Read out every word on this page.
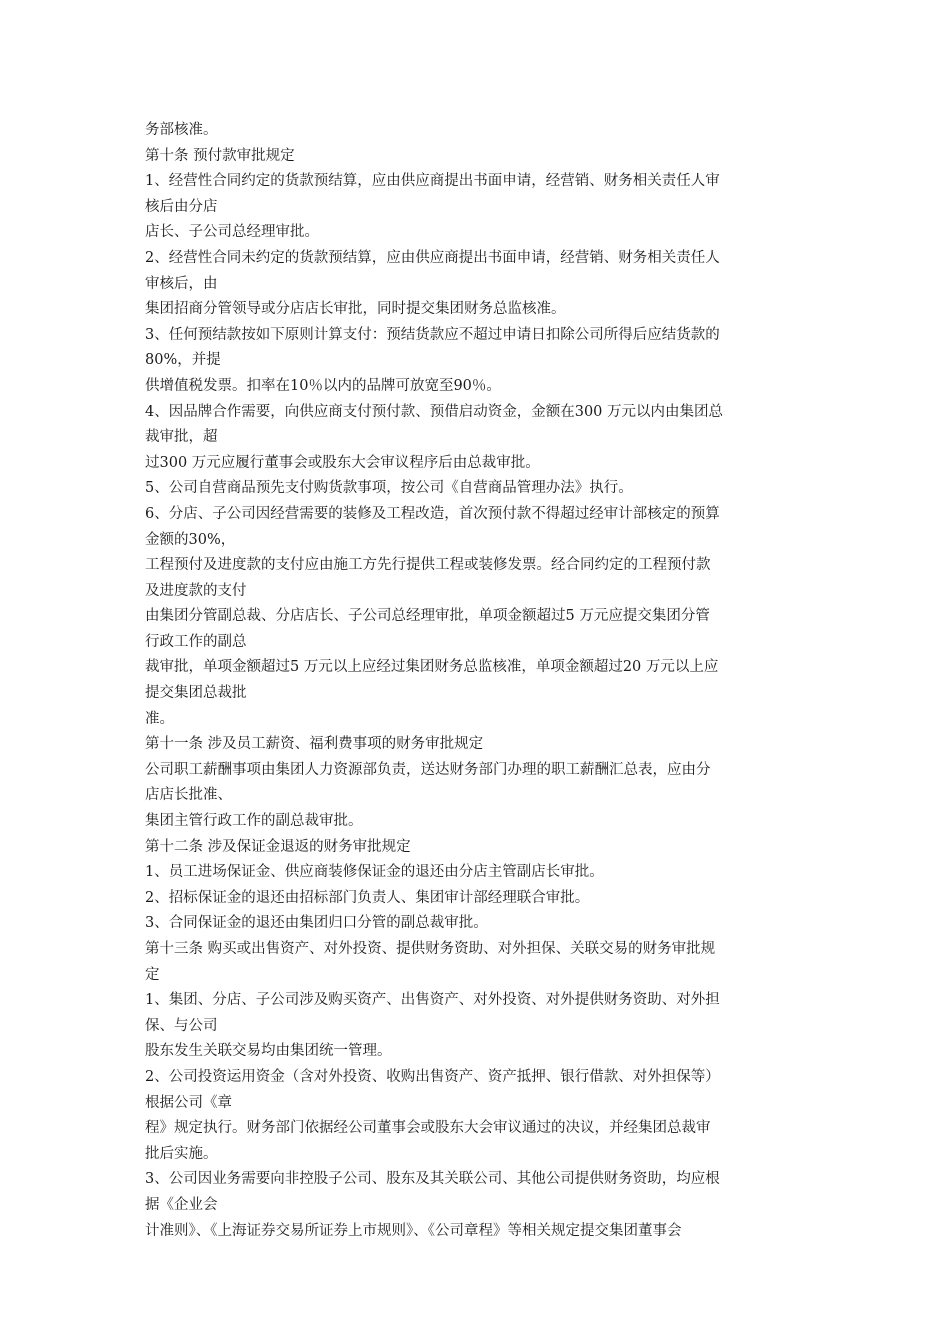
务部核准。
第十条 预付款审批规定
1、经营性合同约定的货款预结算，应由供应商提出书面申请，经营销、财务相关责任人审
核后由分店
店长、子公司总经理审批。
2、经营性合同未约定的货款预结算，应由供应商提出书面申请，经营销、财务相关责任人
审核后，由
集团招商分管领导或分店店长审批，同时提交集团财务总监核准。
3、任何预结款按如下原则计算支付：预结货款应不超过申请日扣除公司所得后应结货款的
80%，并提
供增值税发票。扣率在10％以内的品牌可放宽至90％。
4、因品牌合作需要，向供应商支付预付款、预借启动资金，金额在300 万元以内由集团总
裁审批，超
过300 万元应履行董事会或股东大会审议程序后由总裁审批。
5、公司自营商品预先支付购货款事项，按公司《自营商品管理办法》执行。
6、分店、子公司因经营需要的装修及工程改造，首次预付款不得超过经审计部核定的预算
金额的30%，
工程预付及进度款的支付应由施工方先行提供工程或装修发票。经合同约定的工程预付款
及进度款的支付
由集团分管副总裁、分店店长、子公司总经理审批，单项金额超过5 万元应提交集团分管
行政工作的副总
裁审批，单项金额超过5 万元以上应经过集团财务总监核准，单项金额超过20 万元以上应
提交集团总裁批
准。
第十一条 涉及员工薪资、福利费事项的财务审批规定
公司职工薪酬事项由集团人力资源部负责，送达财务部门办理的职工薪酬汇总表，应由分
店店长批准、
集团主管行政工作的副总裁审批。
第十二条 涉及保证金退返的财务审批规定
1、员工进场保证金、供应商装修保证金的退还由分店主管副店长审批。
2、招标保证金的退还由招标部门负责人、集团审计部经理联合审批。
3、合同保证金的退还由集团归口分管的副总裁审批。
第十三条 购买或出售资产、对外投资、提供财务资助、对外担保、关联交易的财务审批规
定
1、集团、分店、子公司涉及购买资产、出售资产、对外投资、对外提供财务资助、对外担
保、与公司
股东发生关联交易均由集团统一管理。
2、公司投资运用资金（含对外投资、收购出售资产、资产抵押、银行借款、对外担保等）
根据公司《章
程》规定执行。财务部门依据经公司董事会或股东大会审议通过的决议，并经集团总裁审
批后实施。
3、公司因业务需要向非控股子公司、股东及其关联公司、其他公司提供财务资助，均应根
据《企业会
计准则》、《上海证券交易所证券上市规则》、《公司章程》等相关规定提交集团董事会
